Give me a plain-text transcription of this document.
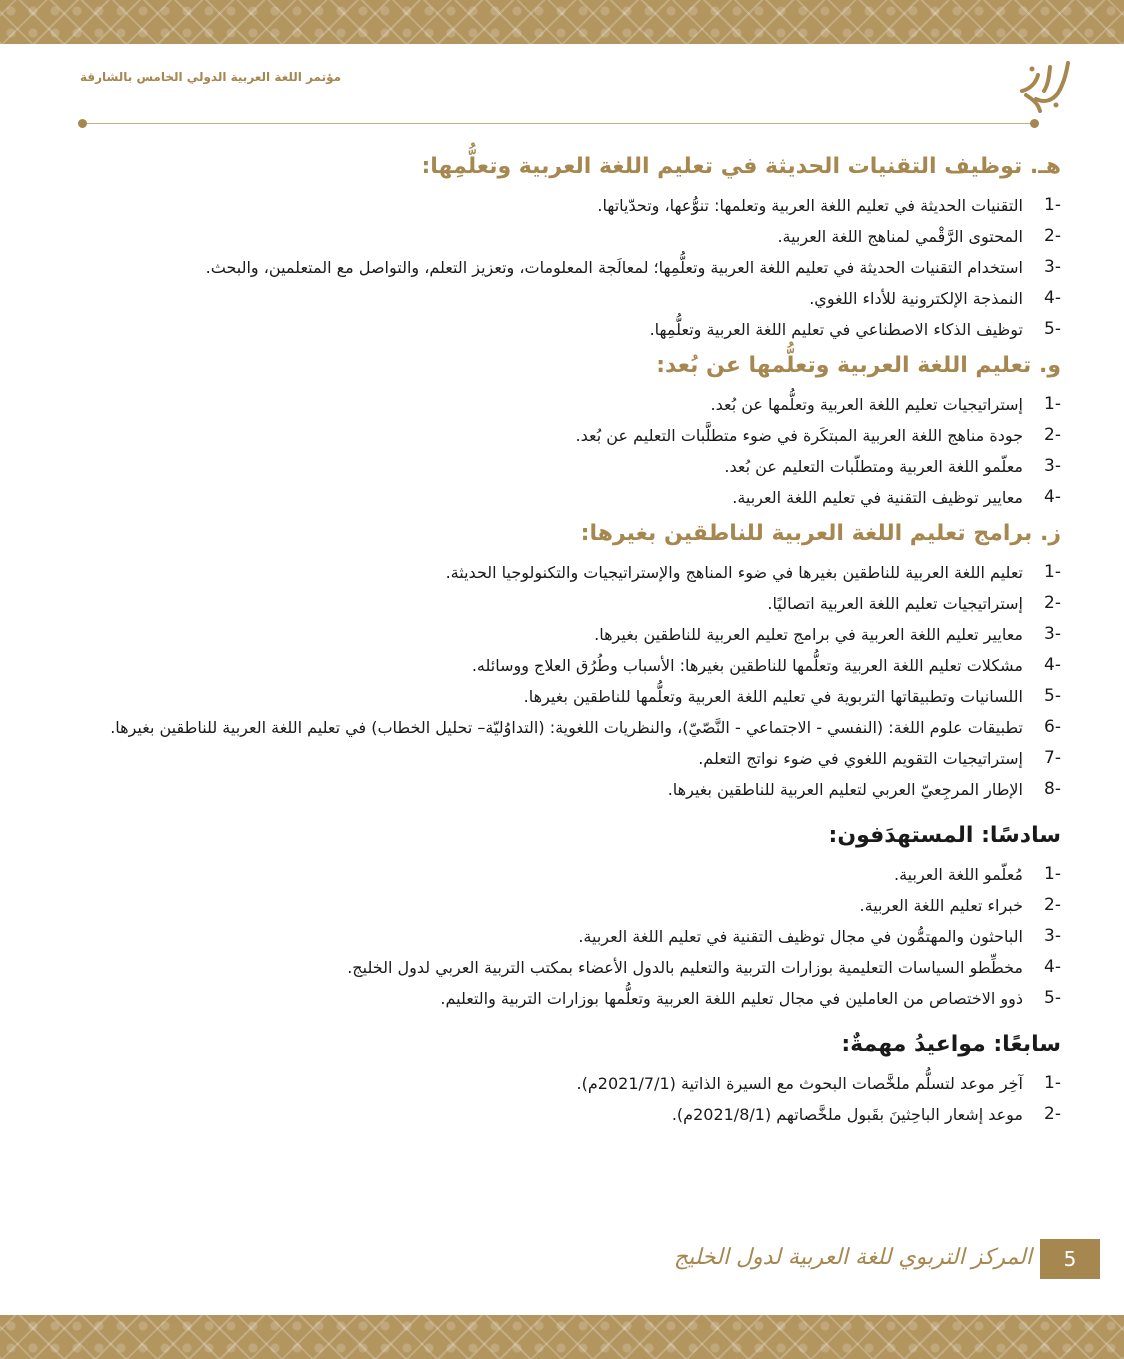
مؤتمر اللغة العربية الدولي الخامس بالشارقة
هـ. توظيف التقنيات الحديثة في تعليم اللغة العربية وتعلُّمِها:
1-
التقنيات الحديثة في تعليم اللغة العربية وتعلمها: تنوُّعها، وتحدّياتها.
2-
المحتوى الرَّقْمي لمناهج اللغة العربية.
3-
استخدام التقنيات الحديثة في تعليم اللغة العربية وتعلُّمِها؛ لمعالَجة المعلومات، وتعزيز التعلم، والتواصل مع المتعلمين، والبحث.
4-
النمذجة الإلكترونية للأداء اللغوي.
5-
توظيف الذكاء الاصطناعي في تعليم اللغة العربية وتعلُّمِها.
و. تعليم اللغة العربية وتعلُّمها عن بُعد:
1-
إستراتيجيات تعليم اللغة العربية وتعلُّمها عن بُعد.
2-
جودة مناهج اللغة العربية المبتكَرة في ضوء متطلَّبات التعليم عن بُعد.
3-
معلّمو اللغة العربية ومتطلّبات التعليم عن بُعد.
4-
معايير توظيف التقنية في تعليم اللغة العربية.
ز. برامج تعليم اللغة العربية للناطقين بغيرها:
1-
تعليم اللغة العربية للناطقين بغيرها في ضوء المناهج والإستراتيجيات والتكنولوجيا الحديثة.
2-
إستراتيجيات تعليم اللغة العربية اتصاليًا.
3-
معايير تعليم اللغة العربية في برامج تعليم العربية للناطقين بغيرها.
4-
مشكلات تعليم اللغة العربية وتعلُّمها للناطقين بغيرها: الأسباب وطُرُق العلاج ووسائله.
5-
اللسانيات وتطبيقاتها التربوية في تعليم اللغة العربية وتعلُّمها للناطقين بغيرها.
6-
تطبيقات علوم اللغة: (النفسي - الاجتماعي - النَّصّيّ)، والنظريات اللغوية: (التداوُليّة– تحليل الخطاب) في تعليم اللغة العربية للناطقين بغيرها.
7-
إستراتيجيات التقويم اللغوي في ضوء نواتج التعلم.
8-
الإطار المرجِعيّ العربي لتعليم العربية للناطقين بغيرها.
سادسًا: المستهدَفون:
1-
مُعلّمو اللغة العربية.
2-
خبراء تعليم اللغة العربية.
3-
الباحثون والمهتمُّون في مجال توظيف التقنية في تعليم اللغة العربية.
4-
مخطِّطو السياسات التعليمية بوزارات التربية والتعليم بالدول الأعضاء بمكتب التربية العربي لدول الخليج.
5-
ذوو الاختصاص من العاملين في مجال تعليم اللغة العربية وتعلُّمها بوزارات التربية والتعليم.
سابعًا: مواعيدُ مهمةٌ:
1-
آخِر موعد لتسلُّم ملخَّصات البحوث مع السيرة الذاتية (2021/7/1م).
2-
موعد إشعار الباحِثينَ بقَبول ملخَّصاتهم (2021/8/1م).
المركز التربوي للغة العربية لدول الخليج	5
